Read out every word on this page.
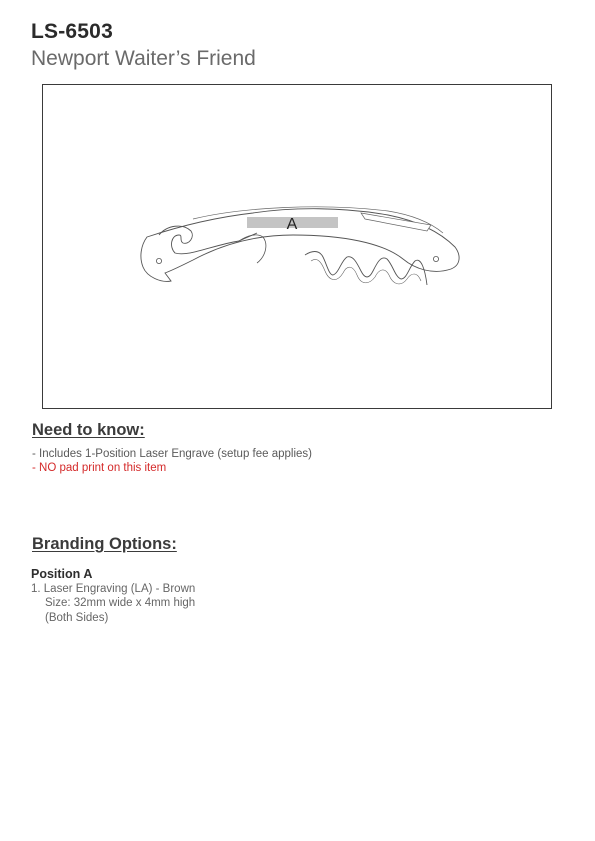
LS-6503
Newport Waiter’s Friend
A
Need to know:
- Includes 1-Position Laser Engrave (setup fee applies)
- NO pad print on this item
Branding Options:
Position A
1. Laser Engraving (LA) - Brown
Size: 32mm wide x 4mm high
(Both Sides)
